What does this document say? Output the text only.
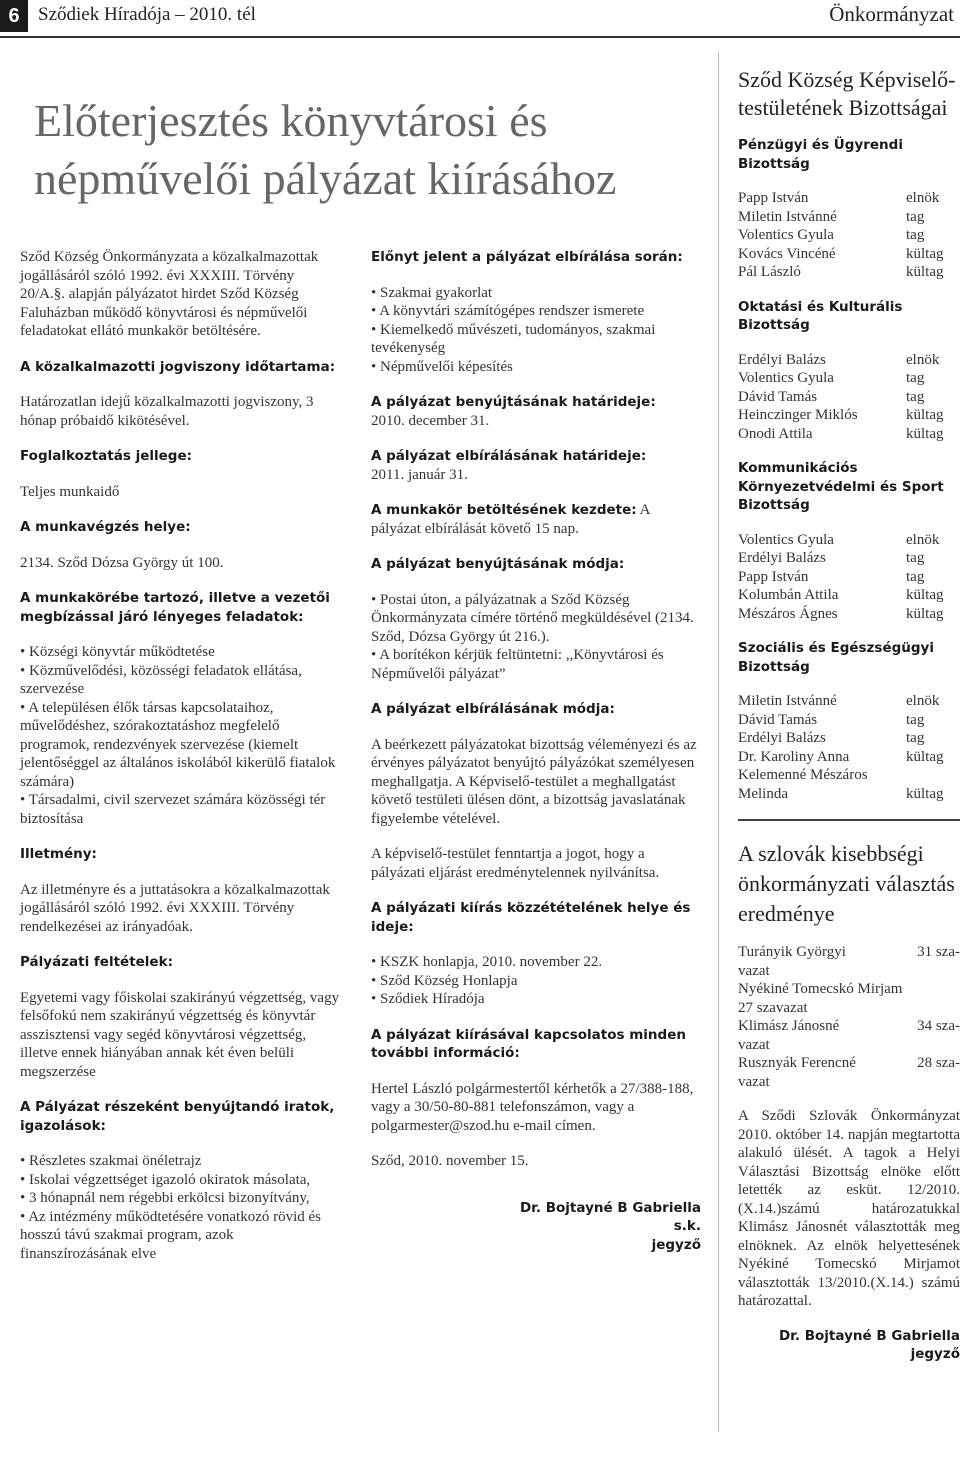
6 Sződiek Híradója – 2010. tél	Önkormányzat
Előterjesztés könyvtárosi és népművelői pályázat kiírásához

Sződ Község Önkormányzata a közalkalmazottak jogállásáról szóló 1992. évi XXXIII. Törvény 20/A.§. alapján pályázatot hirdet Sződ Község Faluházban működő könyvtárosi és népművelői feladatokat ellátó munkakör betöltésére.

A közalkalmazotti jogviszony időtartama:

Határozatlan idejű közalkalmazotti jogviszony, 3 hónap próbaidő kikötésével.

Foglalkoztatás jellege:

Teljes munkaidő

A munkavégzés helye:

2134. Sződ Dózsa György út 100.

A munkakörébe tartozó, illetve a vezetői megbízással járó lényeges feladatok:
• Községi könyvtár működtetése
• Közművelődési, közösségi feladatok ellátása, szervezése
• A településen élők társas kapcsolataihoz, művelődéshez, szórakoztatáshoz megfelelő programok, rendezvények szervezése (kiemelt jelentőséggel az általános iskolából kikerülő fiatalok számára)
• Társadalmi, civil szervezet számára közösségi tér biztosítása
Illetmény:

Az illetményre és a juttatásokra a közalkalmazottak jogállásáról szóló 1992. évi XXXIII. Törvény rendelkezései az irányadóak.

Pályázati feltételek:

Egyetemi vagy főiskolai szakirányú végzettség, vagy felsőfokú nem szakirányú végzettség és könyvtár asszisztensi vagy segéd könyvtárosi végzettség, illetve ennek hiányában annak két éven belüli megszerzése

A Pályázat részeként benyújtandó iratok, igazolások:
• Részletes szakmai önéletrajz
• Iskolai végzettséget igazoló okiratok másolata,
• 3 hónapnál nem régebbi erkölcsi bizonyítvány,
• Az intézmény működtetésére vonatkozó rövid és hosszú távú szakmai program, azok finanszírozásának elve
Előnyt jelent a pályázat elbírálása során:
• Szakmai gyakorlat
• A könyvtári számítógépes rendszer ismerete
• Kiemelkedő művészeti, tudományos, szakmai tevékenység
• Népművelői képesítés
A pályázat benyújtásának határideje:
2010. december 31.
A pályázat elbírálásának határideje:
2011. január 31.

A munkakör betöltésének kezdete: A pályázat elbírálását követő 15 nap.

A pályázat benyújtásának módja:
• Postai úton, a pályázatnak a Sződ Község Önkormányzata címére történő megküldésével (2134. Sződ, Dózsa György út 216.).
• A borítékon kérjük feltüntetni: ,,Könyvtárosi és Népművelői pályázat”
A pályázat elbírálásának módja:

A beérkezett pályázatokat bizottság véleményezi és az érvényes pályázatot benyújtó pályázókat személyesen meghallgatja. A Képviselő-testület a meghallgatást követő testületi ülésen dönt, a bizottság javaslatának figyelembe vételével.

A képviselő-testület fenntartja a jogot, hogy a pályázati eljárást eredménytelennek nyilvánítsa.

A pályázati kiírás közzétételének helye és ideje:
• KSZK honlapja, 2010. november 22.
• Sződ Község Honlapja
• Sződiek Híradója
A pályázat kiírásával kapcsolatos minden további információ:

Hertel László polgármestertől kérhetők a 27/388-188, vagy a 30/50-80-881 telefonszámon, vagy a polgarmester@szod.hu e-mail címen.

Sződ, 2010. november 15.

Dr. Bojtayné B Gabriella
s.k.
jegyző
Sződ Község Képviselő-testületének Bizottságai
Pénzügyi és Ügyrendi Bizottság
Papp István	elnök
Miletin Istvánné	tag
Volentics Gyula	tag
Kovács Vincéné	kültag
Pál László	kültag
Oktatási és Kulturális Bizottság
Erdélyi Balázs	elnök
Volentics Gyula	tag
Dávid Tamás	tag
Heinczinger Miklós	kültag
Onodi Attila	kültag
Kommunikációs Környezetvédelmi és Sport Bizottság
Volentics Gyula	elnök
Erdélyi Balázs	tag
Papp István	tag
Kolumbán Attila	kültag
Mészáros Ágnes	kültag
Szociális és Egészségügyi Bizottság
Miletin Istvánné	elnök
Dávid Tamás	tag
Erdélyi Balázs	tag
Dr. Karoliny Anna	kültag
Kelemenné Mészáros
Melinda	kültag
A szlovák kisebbségi önkormányzati választás eredménye
Turányik Györgyi	31 sza-
vazat
Nyékiné Tomecskó Mirjam
27 szavazat
Klimász Jánosné	34 sza-
vazat
Rusznyák Ferencné	28 sza-
vazat

A Sződi Szlovák Önkormányzat 2010. október 14. napján megtartotta alakuló ülését. A tagok a Helyi Választási Bizottság elnöke előtt letették az esküt. 12/2010.(X.14.)számú határozatukkal Klimász Jánosnét választották meg elnöknek. Az elnök helyettesének Nyékiné Tomecskó Mirjamot választották 13/2010.(X.14.) számú határozattal.

Dr. Bojtayné B Gabriella
jegyző
